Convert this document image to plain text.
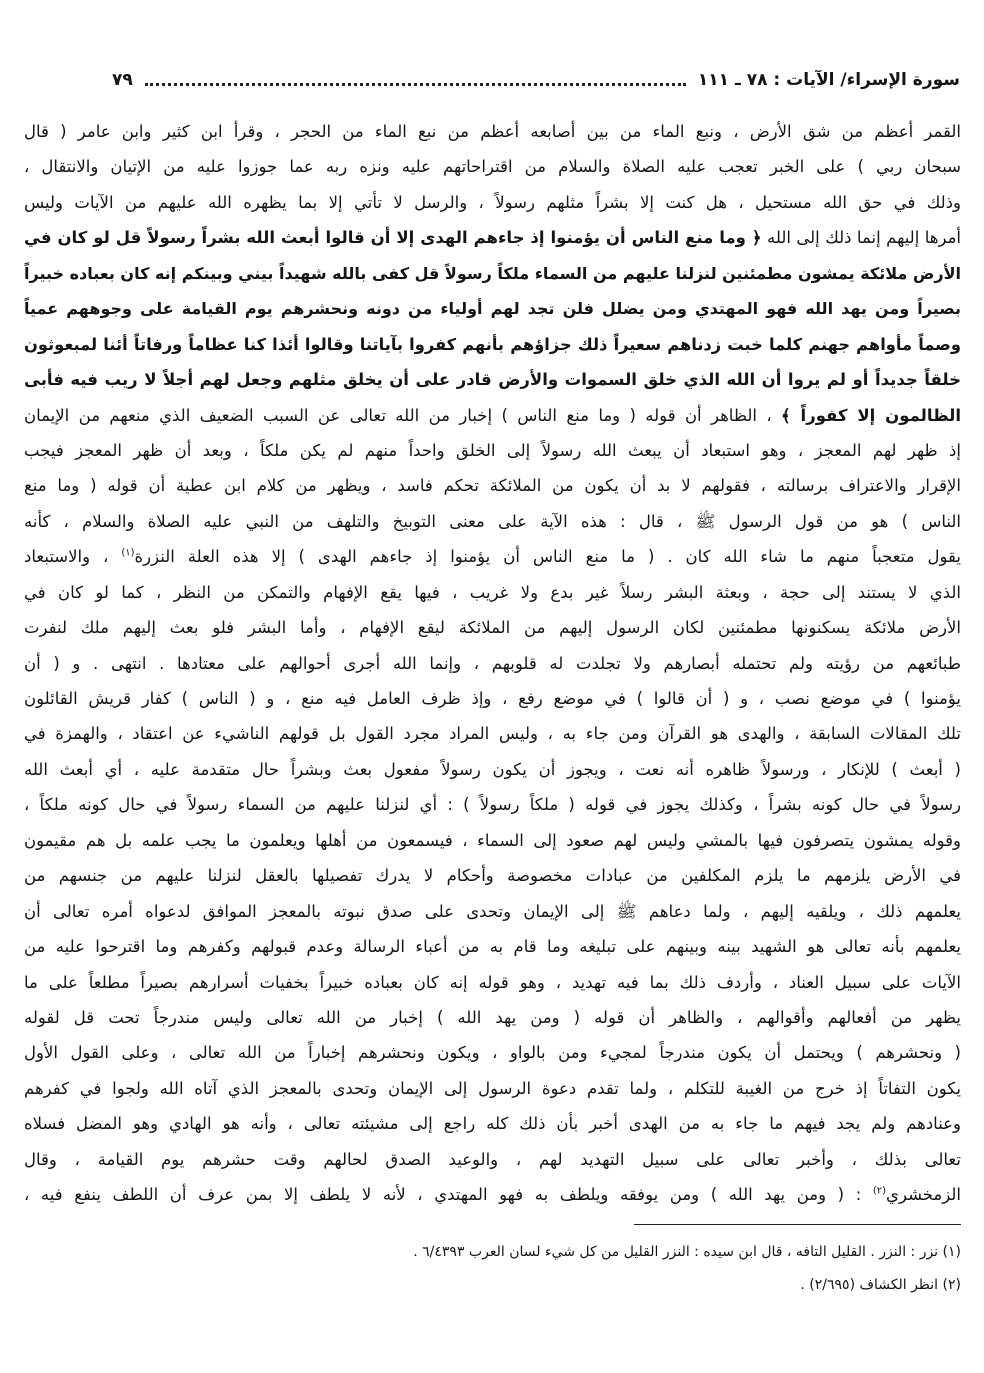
سورة الإسراء/ الآيات : ٧٨ ـ ١١١
٧٩
القمر أعظم من شق الأرض ، ونبع الماء من بين أصابعه أعظم من نبع الماء من الحجر ، وقرأ ابن كثير وابن عامر ( قال
سبحان ربي ) على الخبر تعجب عليه الصلاة والسلام من اقتراحاتهم عليه ونزه ربه عما جوزوا عليه من الإتيان والانتقال ،
وذلك في حق الله مستحيل ، هل كنت إلا بشراً مثلهم رسولاً ، والرسل لا تأتي إلا بما يظهره الله عليهم من الآيات وليس
أمرها إليهم إنما ذلك إلى الله ﴿ وما منع الناس أن يؤمنوا إذ جاءهم الهدى إلا أن قالوا أبعث الله بشراً رسولاً قل لو كان في
الأرض ملائكة يمشون مطمئنين لنزلنا عليهم من السماء ملكاً رسولاً قل كفى بالله شهيداً بيني وبينكم إنه كان بعباده خبيراً
بصيراً ومن يهد الله فهو المهتدي ومن يضلل فلن تجد لهم أولياء من دونه ونحشرهم يوم القيامة على وجوههم عمياً
وصماً مأواهم جهنم كلما خبت زدناهم سعيراً ذلك جزاؤهم بأنهم كفروا بآياتنا وقالوا أئذا كنا عظاماً ورفاتاً أئنا لمبعوثون
خلقاً جديداً أو لم يروا أن الله الذي خلق السموات والأرض قادر على أن يخلق مثلهم وجعل لهم أجلاً لا ريب فيه فأبى
الظالمون إلا كفوراً ﴾ ، الظاهر أن قوله ( وما منع الناس ) إخبار من الله تعالى عن السبب الضعيف الذي منعهم من الإيمان
إذ ظهر لهم المعجز ، وهو استبعاد أن يبعث الله رسولاً إلى الخلق واحداً منهم لم يكن ملكاً ، وبعد أن ظهر المعجز فيجب
الإقرار والاعتراف برسالته ، فقولهم لا بد أن يكون من الملائكة تحكم فاسد ، ويظهر من كلام ابن عطية أن قوله ( وما منع
الناس ) هو من قول الرسول ﷺ ، قال : هذه الآية على معنى التوبيخ والتلهف من النبي عليه الصلاة والسلام ، كأنه
يقول متعجباً منهم ما شاء الله كان . ( ما منع الناس أن يؤمنوا إذ جاءهم الهدى ) إلا هذه العلة النزرة$^{(١)}$ ، والاستبعاد
الذي لا يستند إلى حجة ، وبعثة البشر رسلاً غير بدع ولا غريب ، فيها يقع الإفهام والتمكن من النظر ، كما لو كان في
الأرض ملائكة يسكنونها مطمئنين لكان الرسول إليهم من الملائكة ليقع الإفهام ، وأما البشر فلو بعث إليهم ملك لنفرت
طبائعهم من رؤيته ولم تحتمله أبصارهم ولا تجلدت له قلوبهم ، وإنما الله أجرى أحوالهم على معتادها . انتهى . و ( أن
يؤمنوا ) في موضع نصب ، و ( أن قالوا ) في موضع رفع ، وإذ ظرف العامل فيه منع ، و ( الناس ) كفار قريش القائلون
تلك المقالات السابقة ، والهدى هو القرآن ومن جاء به ، وليس المراد مجرد القول بل قولهم الناشيء عن اعتقاد ، والهمزة في
( أبعث ) للإنكار ، ورسولاً ظاهره أنه نعت ، ويجوز أن يكون رسولاً مفعول بعث وبشراً حال متقدمة عليه ، أي أبعث الله
رسولاً في حال كونه بشراً ، وكذلك يجوز في قوله ( ملكاً رسولاً ) : أي لنزلنا عليهم من السماء رسولاً في حال كونه ملكاً ،
وقوله يمشون يتصرفون فيها بالمشي وليس لهم صعود إلى السماء ، فيسمعون من أهلها ويعلمون ما يجب علمه بل هم مقيمون
في الأرض يلزمهم ما يلزم المكلفين من عبادات مخصوصة وأحكام لا يدرك تفصيلها بالعقل لنزلنا عليهم من جنسهم من
يعلمهم ذلك ، ويلقيه إليهم ، ولما دعاهم ﷺ إلى الإيمان وتحدى على صدق نبوته بالمعجز الموافق لدعواه أمره تعالى أن
يعلمهم بأنه تعالى هو الشهيد بينه وبينهم على تبليغه وما قام به من أعباء الرسالة وعدم قبولهم وكفرهم وما اقترحوا عليه من
الآيات على سبيل العناد ، وأردف ذلك بما فيه تهديد ، وهو قوله إنه كان بعباده خبيراً بخفيات أسرارهم بصيراً مطلعاً على ما
يظهر من أفعالهم وأقوالهم ، والظاهر أن قوله ( ومن يهد الله ) إخبار من الله تعالى وليس مندرجاً تحت قل لقوله
( ونحشرهم ) ويحتمل أن يكون مندرجاً لمجيء ومن بالواو ، ويكون ونحشرهم إخباراً من الله تعالى ، وعلى القول الأول
يكون التفاتاً إذ خرج من الغيبة للتكلم ، ولما تقدم دعوة الرسول إلى الإيمان وتحدى بالمعجز الذي آتاه الله ولجوا في كفرهم
وعنادهم ولم يجد فيهم ما جاء به من الهدى أخبر بأن ذلك كله راجع إلى مشيئته تعالى ، وأنه هو الهادي وهو المضل فسلاه
تعالى بذلك ، وأخبر تعالى على سبيل التهديد لهم ، والوعيد الصدق لحالهم وقت حشرهم يوم القيامة ، وقال
الزمخشري$^{(٢)}$ : ( ومن يهد الله ) ومن يوفقه ويلطف به فهو المهتدي ، لأنه لا يلطف إلا بمن عرف أن اللطف ينفع فيه ،
(١) نزر : النزر . القليل التافه ، قال ابن سيده : النزر القليل من كل شيء لسان العرب ٦/٤٣٩٣ .
(٢) انظر الكشاف (٢/٦٩٥) .
